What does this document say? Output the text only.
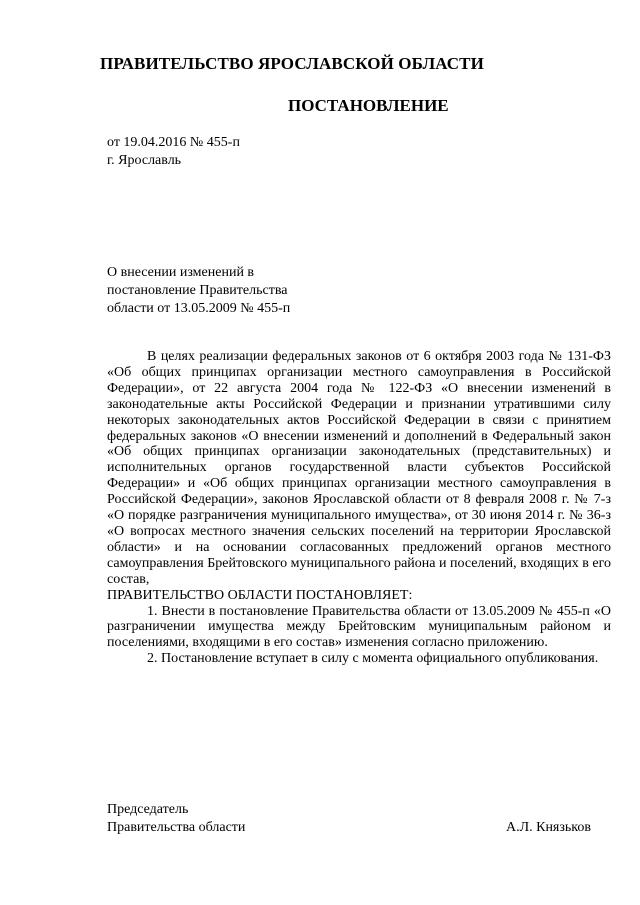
ПРАВИТЕЛЬСТВО ЯРОСЛАВСКОЙ ОБЛАСТИ
ПОСТАНОВЛЕНИЕ
от 19.04.2016 № 455-п
г. Ярославль
О внесении изменений в
постановление Правительства
области от 13.05.2009 № 455-п

В целях реализации федеральных законов от 6 октября 2003 года № 131-ФЗ «Об общих принципах организации местного самоуправления в Российской Федерации», от 22 августа 2004 года № 122-ФЗ «О внесении изменений в законодательные акты Российской Федерации и признании утратившими силу некоторых законодательных актов Российской Федерации в связи с принятием федеральных законов «О внесении изменений и дополнений в Федеральный закон «Об общих принципах организации законодательных (представительных) и исполнительных органов государственной власти субъектов Российской Федерации» и «Об общих принципах организации местного самоуправления в Российской Федерации», законов Ярославской области от 8 февраля 2008 г. № 7-з «О порядке разграничения муниципального имущества», от 30 июня 2014 г. № 36-з «О вопросах местного значения сельских поселений на территории Ярославской области» и на основании согласованных предложений органов местного самоуправления Брейтовского муниципального района и поселений, входящих в его состав,

ПРАВИТЕЛЬСТВО ОБЛАСТИ ПОСТАНОВЛЯЕТ:

1. Внести в постановление Правительства области от 13.05.2009 № 455-п «О разграничении имущества между Брейтовским муниципальным районом и поселениями, входящими в его состав» изменения согласно приложению.

2. Постановление вступает в силу с момента официального опубликования.

Председатель
Правительства области	А.Л. Князьков
